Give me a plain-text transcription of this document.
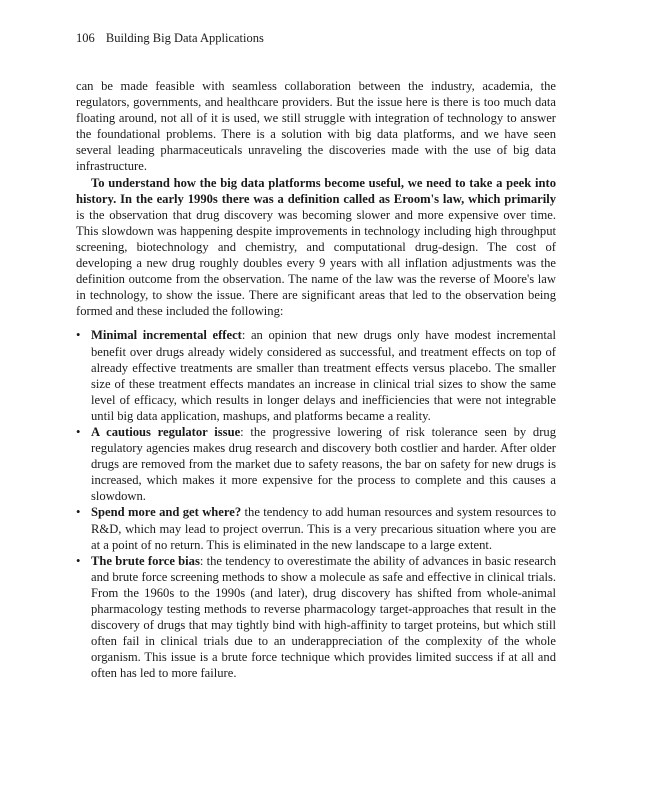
106 Building Big Data Applications

can be made feasible with seamless collaboration between the industry, academia, the regulators, governments, and healthcare providers. But the issue here is there is too much data floating around, not all of it is used, we still struggle with integration of technology to answer the foundational problems. There is a solution with big data platforms, and we have seen several leading pharmaceuticals unraveling the discoveries made with the use of big data infrastructure.

To understand how the big data platforms become useful, we need to take a peek into history. In the early 1990s there was a definition called as Eroom's law, which primarily is the observation that drug discovery was becoming slower and more expensive over time. This slowdown was happening despite improvements in technology including high throughput screening, biotechnology and chemistry, and computational drug-design. The cost of developing a new drug roughly doubles every 9 years with all inflation adjustments was the definition outcome from the observation. The name of the law was the reverse of Moore's law in technology, to show the issue. There are significant areas that led to the observation being formed and these included the following:

• Minimal incremental effect: an opinion that new drugs only have modest incremental benefit over drugs already widely considered as successful, and treatment effects on top of already effective treatments are smaller than treatment effects versus placebo. The smaller size of these treatment effects mandates an increase in clinical trial sizes to show the same level of efficacy, which results in longer delays and inefficiencies that were not integrable until big data application, mashups, and platforms became a reality.
• A cautious regulator issue: the progressive lowering of risk tolerance seen by drug regulatory agencies makes drug research and discovery both costlier and harder. After older drugs are removed from the market due to safety reasons, the bar on safety for new drugs is increased, which makes it more expensive for the process to complete and this causes a slowdown.
• Spend more and get where? the tendency to add human resources and system resources to R&D, which may lead to project overrun. This is a very precarious situation where you are at a point of no return. This is eliminated in the new landscape to a large extent.
• The brute force bias: the tendency to overestimate the ability of advances in basic research and brute force screening methods to show a molecule as safe and effective in clinical trials. From the 1960s to the 1990s (and later), drug discovery has shifted from whole-animal pharmacology testing methods to reverse pharmacology target-approaches that result in the discovery of drugs that may tightly bind with high-affinity to target proteins, but which still often fail in clinical trials due to an underappreciation of the complexity of the whole organism. This issue is a brute force technique which provides limited success if at all and often has led to more failure.
